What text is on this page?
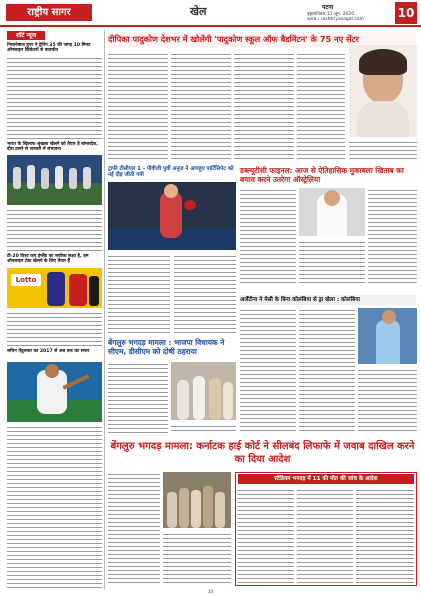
राष्ट्रीय सागर	खेल	पटना
बृहस्पतिवार 11 जून, 2020
web.: rashtriyasagar.com	10
शॉर्ट न्यूज
निशानेबाज हुनर ने ट्रेनिंग 35 की जगह 10 मिनट ऑनलाइन क्रिकेटरों से बातचीत
भारत के खिलाफ श्रृंखला खेलने को तैयार है बांग्लादेश, दौरा टलने से जनवरी में संभावना
टी-20 विश्व कप इंग्लैंड का सर्वोच्च लक्ष्य है, हम ऑनलाइन टेस्ट खेलने के लिए तैयार हैं
Lotto
सचिन तेंदुलकर का 2017 से अब तक का सफर
दीपिका पादुकोण देशभर में खोलेंगी 'पादुकोण स्कूल ऑफ बैडमिंटन' के 75 नए सेंटर
ट्राफी टीसीएल 1 - पीवीजी पुर्वी अनुज ने आपहुए पार्टिसिपेट को नई दौड़ जीती गयी
डब्ल्यूटीसी फाइनल: आज से ऐतिहासिक मुकाबला खिताब का बचाव करने उतरेगा ऑस्ट्रेलिया
बेंगलुरु भगदड़ मामला : भाजपा विधायक ने सीएम, डीसीएम को दोषी ठहराया
अर्जेंटीना ने मेसी के बिना कोलंबिया से ड्रा खेला : कोलंबिया
बेंगलुरु भगदड़ मामला: कर्नाटक हाई कोर्ट ने सीलबंद लिफाफे में जवाब दाखिल करने का दिया आदेश
स्टेडियम भगदड़ में 11 की मौत की जांच के आदेश
10
